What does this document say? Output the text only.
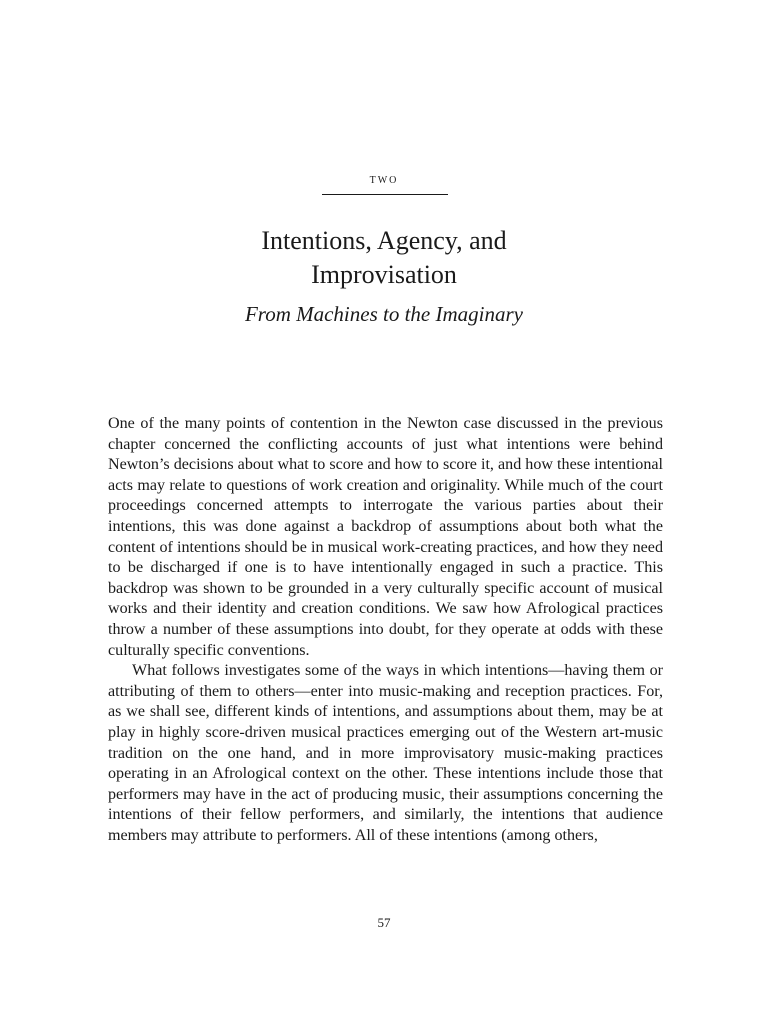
two
Intentions, Agency, and
Improvisation
From Machines to the Imaginary

One of the many points of contention in the Newton case discussed in the previous chapter concerned the conflicting accounts of just what intentions were behind Newton’s decisions about what to score and how to score it, and how these intentional acts may relate to questions of work creation and originality. While much of the court proceedings concerned attempts to interrogate the various parties about their intentions, this was done against a backdrop of assumptions about both what the content of intentions should be in musical work-creating practices, and how they need to be discharged if one is to have intentionally engaged in such a practice. This backdrop was shown to be grounded in a very culturally specific account of musical works and their identity and creation conditions. We saw how Afrological practices throw a number of these assumptions into doubt, for they operate at odds with these culturally specific conventions.

What follows investigates some of the ways in which intentions—having them or attributing of them to others—enter into music-making and reception practices. For, as we shall see, different kinds of intentions, and assumptions about them, may be at play in highly score-driven musical practices emerging out of the Western art-music tradition on the one hand, and in more improvisatory music-making practices operating in an Afrological context on the other. These intentions include those that performers may have in the act of producing music, their assumptions concerning the intentions of their fellow performers, and similarly, the intentions that audience members may attribute to performers. All of these intentions (among others,

57
